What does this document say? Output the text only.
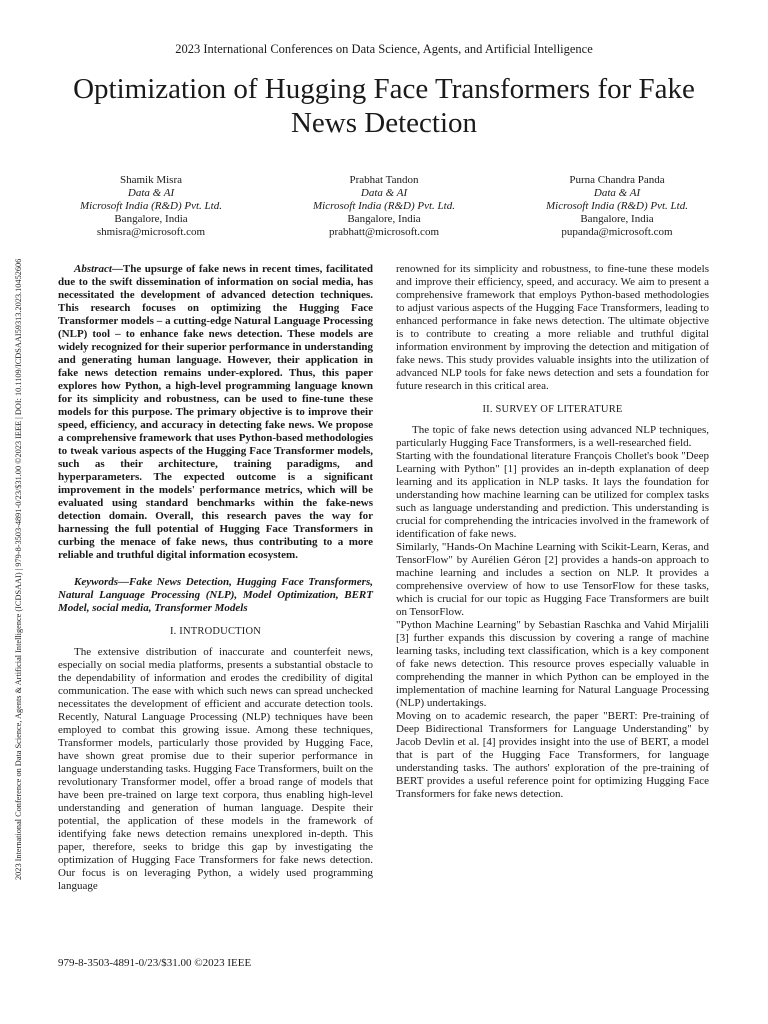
2023 International Conferences on Data Science, Agents, and Artificial Intelligence
Optimization of Hugging Face Transformers for Fake News Detection
Shamik Misra
Data & AI
Microsoft India (R&D) Pvt. Ltd.
Bangalore, India
shmisra@microsoft.com
Prabhat Tandon
Data & AI
Microsoft India (R&D) Pvt. Ltd.
Bangalore, India
prabhatt@microsoft.com
Purna Chandra Panda
Data & AI
Microsoft India (R&D) Pvt. Ltd.
Bangalore, India
pupanda@microsoft.com
2023 International Conference on Data Science, Agents & Artificial Intelligence (ICDSAAI) | 979-8-3503-4891-0/23/$31.00 ©2023 IEEE | DOI: 10.1109/ICDSAAI59313.2023.10452606	Abstract—The upsurge of fake news in recent times, facilitated due to the swift dissemination of information on social media, has necessitated the development of advanced detection techniques. This research focuses on optimizing the Hugging Face Transformer models – a cutting-edge Natural Language Processing (NLP) tool – to enhance fake news detection. These models are widely recognized for their superior performance in understanding and generating human language. However, their application in fake news detection remains under-explored. Thus, this paper explores how Python, a high-level programming language known for its simplicity and robustness, can be used to fine-tune these models for this purpose. The primary objective is to improve their speed, efficiency, and accuracy in detecting fake news. We propose a comprehensive framework that uses Python-based methodologies to tweak various aspects of the Hugging Face Transformer models, such as their architecture, training paradigms, and hyperparameters. The expected outcome is a significant improvement in the models' performance metrics, which will be evaluated using standard benchmarks within the fake-news detection domain. Overall, this research paves the way for harnessing the full potential of Hugging Face Transformers in curbing the menace of fake news, thus contributing to a more reliable and truthful digital information ecosystem.

Keywords—Fake News Detection, Hugging Face Transformers, Natural Language Processing (NLP), Model Optimization, BERT Model, social media, Transformer Models

I. INTRODUCTION

The extensive distribution of inaccurate and counterfeit news, especially on social media platforms, presents a substantial obstacle to the dependability of information and erodes the credibility of digital communication. The ease with which such news can spread unchecked necessitates the development of efficient and accurate detection tools. Recently, Natural Language Processing (NLP) techniques have been employed to combat this growing issue. Among these techniques, Transformer models, particularly those provided by Hugging Face, have shown great promise due to their superior performance in language understanding tasks. Hugging Face Transformers, built on the revolutionary Transformer model, offer a broad range of models that have been pre-trained on large text corpora, thus enabling high-level understanding and generation of human language. Despite their potential, the application of these models in the framework of identifying fake news detection remains unexplored in-depth. This paper, therefore, seeks to bridge this gap by investigating the optimization of Hugging Face Transformers for fake news detection. Our focus is on leveraging Python, a widely used programming language

renowned for its simplicity and robustness, to fine-tune these models and improve their efficiency, speed, and accuracy. We aim to present a comprehensive framework that employs Python-based methodologies to adjust various aspects of the Hugging Face Transformers, leading to enhanced performance in fake news detection. The ultimate objective is to contribute to creating a more reliable and truthful digital information environment by improving the detection and mitigation of fake news. This study provides valuable insights into the utilization of advanced NLP tools for fake news detection and sets a foundation for future research in this critical area.

II. SURVEY OF LITERATURE

The topic of fake news detection using advanced NLP techniques, particularly Hugging Face Transformers, is a well-researched field.

Starting with the foundational literature François Chollet's book "Deep Learning with Python" [1] provides an in-depth explanation of deep learning and its application in NLP tasks. It lays the foundation for understanding how machine learning can be utilized for complex tasks such as language understanding and prediction. This understanding is crucial for comprehending the intricacies involved in the framework of identification of fake news.

Similarly, "Hands-On Machine Learning with Scikit-Learn, Keras, and TensorFlow" by Aurélien Géron [2] provides a hands-on approach to machine learning and includes a section on NLP. It provides a comprehensive overview of how to use TensorFlow for these tasks, which is crucial for our topic as Hugging Face Transformers are built on TensorFlow.

"Python Machine Learning" by Sebastian Raschka and Vahid Mirjalili [3] further expands this discussion by covering a range of machine learning tasks, including text classification, which is a key component of fake news detection. This resource proves especially valuable in comprehending the manner in which Python can be employed in the implementation of machine learning for Natural Language Processing (NLP) undertakings.

Moving on to academic research, the paper "BERT: Pre-training of Deep Bidirectional Transformers for Language Understanding" by Jacob Devlin et al. [4] provides insight into the use of BERT, a model that is part of the Hugging Face Transformers, for language understanding tasks. The authors' exploration of the pre-training of BERT provides a useful reference point for optimizing Hugging Face Transformers for fake news detection.

979-8-3503-4891-0/23/$31.00 ©2023 IEEE
